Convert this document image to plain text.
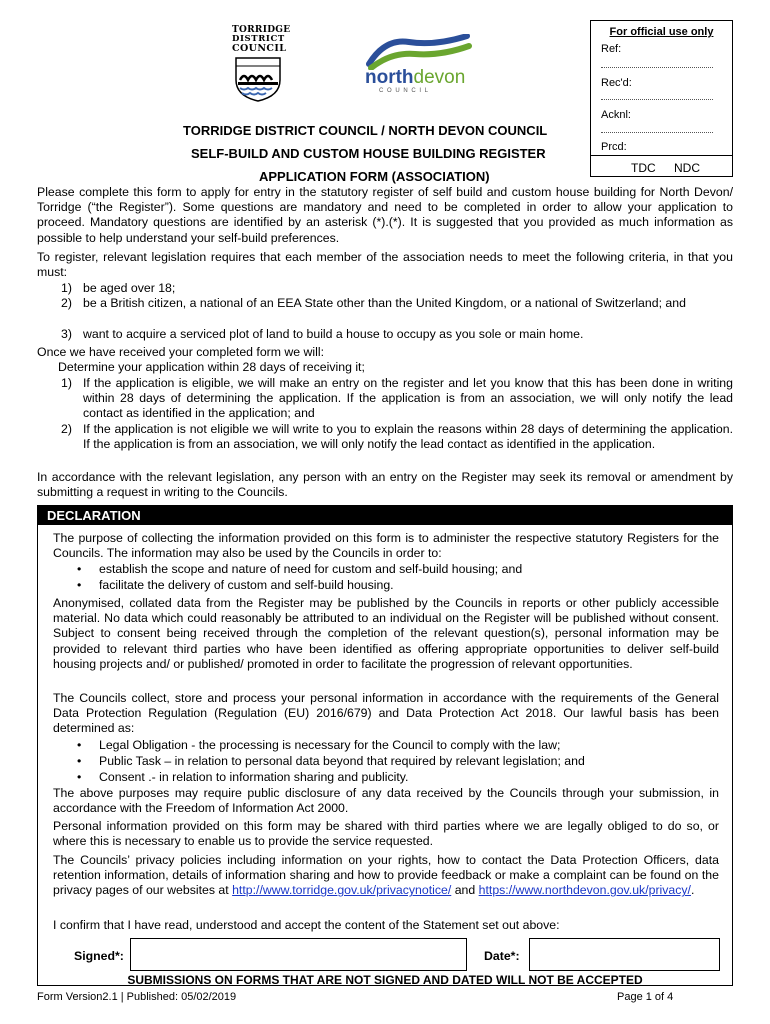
TORRIDGE
DISTRICT
COUNCIL
northdevon
C O U N C I L
For official use only
Ref:
Rec'd:
Acknl:
Prcd:
TDC NDC
TORRIDGE DISTRICT COUNCIL / NORTH DEVON COUNCIL
SELF-BUILD AND CUSTOM HOUSE BUILDING REGISTER
APPLICATION FORM (ASSOCIATION)
Please complete this form to apply for entry in the statutory register of self build and custom house building for North Devon/ Torridge (“the Register”). Some questions are mandatory and need to be completed in order to allow your application to proceed. Mandatory questions are identified by an asterisk (*).(*). It is suggested that you provided as much information as possible to help understand your self-build preferences.
To register, relevant legislation requires that each member of the association needs to meet the following criteria, in that you must:
1) be aged over 18;
2) be a British citizen, a national of an EEA State other than the United Kingdom, or a national of Switzerland; and
3) want to acquire a serviced plot of land to build a house to occupy as you sole or main home.
Once we have received your completed form we will:
Determine your application within 28 days of receiving it;
1) If the application is eligible, we will make an entry on the register and let you know that this has been done in writing within 28 days of determining the application. If the application is from an association, we will only notify the lead contact as identified in the application; and
2) If the application is not eligible we will write to you to explain the reasons within 28 days of determining the application. If the application is from an association, we will only notify the lead contact as identified in the application.
In accordance with the relevant legislation, any person with an entry on the Register may seek its removal or amendment by submitting a request in writing to the Councils.
DECLARATION
The purpose of collecting the information provided on this form is to administer the respective statutory Registers for the Councils. The information may also be used by the Councils in order to:
• establish the scope and nature of need for custom and self-build housing; and
• facilitate the delivery of custom and self-build housing.
Anonymised, collated data from the Register may be published by the Councils in reports or other publicly accessible material. No data which could reasonably be attributed to an individual on the Register will be published without consent. Subject to consent being received through the completion of the relevant question(s), personal information may be provided to relevant third parties who have been identified as offering appropriate opportunities to deliver self-build housing projects and/ or published/ promoted in order to facilitate the progression of relevant opportunities.
The Councils collect, store and process your personal information in accordance with the requirements of the General Data Protection Regulation (Regulation (EU) 2016/679) and Data Protection Act 2018. Our lawful basis has been determined as:
• Legal Obligation - the processing is necessary for the Council to comply with the law;
• Public Task – in relation to personal data beyond that required by relevant legislation; and
• Consent .- in relation to information sharing and publicity.
The above purposes may require public disclosure of any data received by the Councils through your submission, in accordance with the Freedom of Information Act 2000.
Personal information provided on this form may be shared with third parties where we are legally obliged to do so, or where this is necessary to enable us to provide the service requested.
The Councils’ privacy policies including information on your rights, how to contact the Data Protection Officers, data retention information, details of information sharing and how to provide feedback or make a complaint can be found on the privacy pages of our websites at http://www.torridge.gov.uk/privacynotice/ and https://www.northdevon.gov.uk/privacy/.
I confirm that I have read, understood and accept the content of the Statement set out above:
Signed*:	Date*:
SUBMISSIONS ON FORMS THAT ARE NOT SIGNED AND DATED WILL NOT BE ACCEPTED
Form Version2.1 | Published: 05/02/2019	Page 1 of 4
